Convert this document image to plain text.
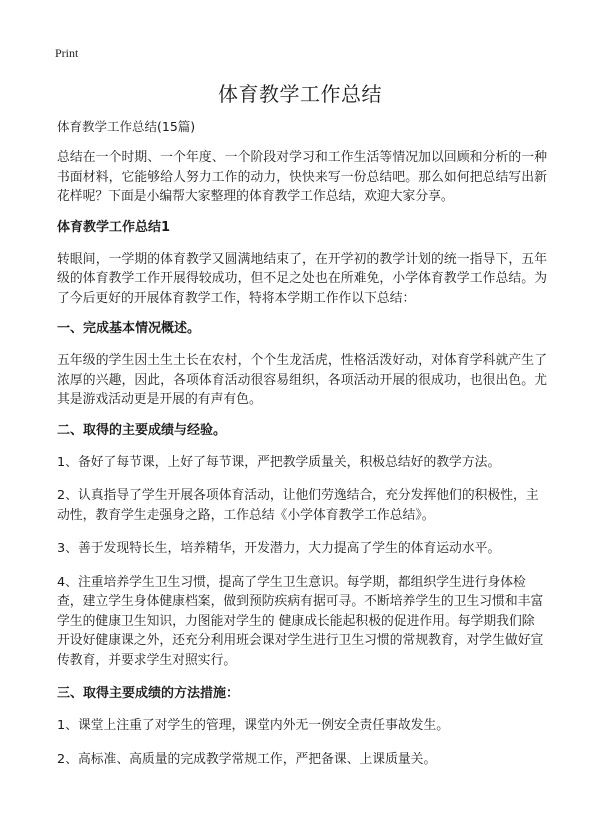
Print
体育教学工作总结

体育教学工作总结(15篇)

总结在一个时期、一个年度、一个阶段对学习和工作生活等情况加以回顾和分析的一种书面材料，它能够给人努力工作的动力，快快来写一份总结吧。那么如何把总结写出新花样呢？下面是小编帮大家整理的体育教学工作总结，欢迎大家分享。

体育教学工作总结1

转眼间，一学期的体育教学又圆满地结束了，在开学初的教学计划的统一指导下，五年级的体育教学工作开展得较成功，但不足之处也在所难免，小学体育教学工作总结。为了今后更好的开展体育教学工作，特将本学期工作作以下总结：

一、完成基本情况概述。

五年级的学生因土生土长在农村，个个生龙活虎，性格活泼好动，对体育学科就产生了浓厚的兴趣，因此，各项体育活动很容易组织，各项活动开展的很成功，也很出色。尤其是游戏活动更是开展的有声有色。

二、取得的主要成绩与经验。

1、备好了每节课，上好了每节课，严把教学质量关，积极总结好的教学方法。

2、认真指导了学生开展各项体育活动，让他们劳逸结合，充分发挥他们的积极性，主动性，教育学生走强身之路，工作总结《小学体育教学工作总结》。

3、善于发现特长生，培养精华，开发潜力，大力提高了学生的体育运动水平。

4、注重培养学生卫生习惯，提高了学生卫生意识。每学期，都组织学生进行身体检查，建立学生身体健康档案，做到预防疾病有据可寻。不断培养学生的卫生习惯和丰富学生的健康卫生知识，力图能对学生的 健康成长能起积极的促进作用。每学期我们除开设好健康课之外，还充分利用班会课对学生进行卫生习惯的常规教育，对学生做好宣传教育，并要求学生对照实行。

三、取得主要成绩的方法措施：

1、课堂上注重了对学生的管理，课堂内外无一例安全责任事故发生。

2、高标准、高质量的完成教学常规工作，严把备课、上课质量关。
